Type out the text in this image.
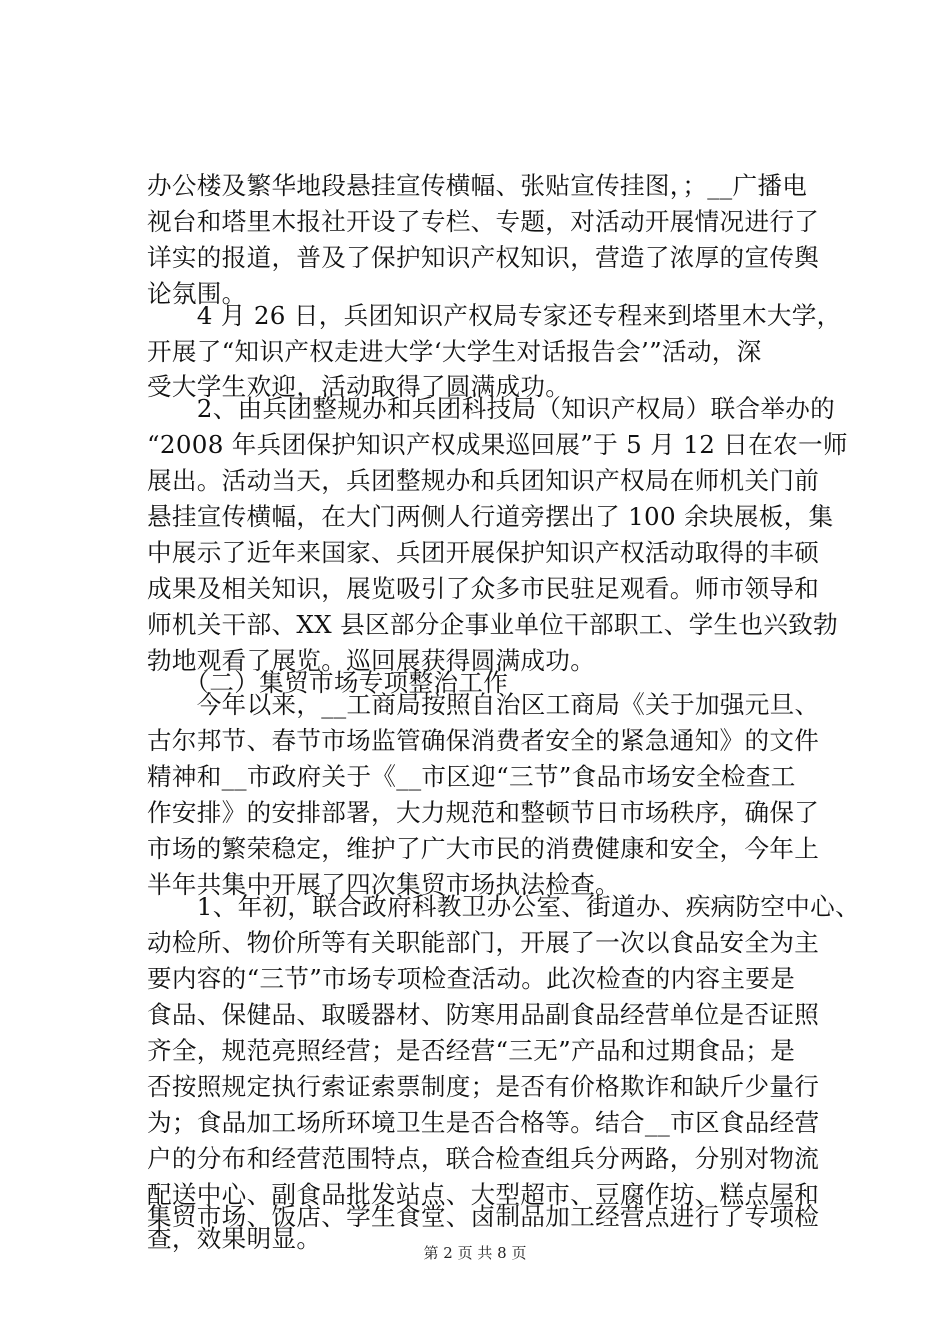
办公楼及繁华地段悬挂宣传横幅、张贴宣传挂图，；__广播电
视台和塔里木报社开设了专栏、专题，对活动开展情况进行了
详实的报道，普及了保护知识产权知识，营造了浓厚的宣传舆
论氛围。
　　4 月 26 日，兵团知识产权局专家还专程来到塔里木大学，
开展了“知识产权走进大学‘大学生对话报告会’”活动，深
受大学生欢迎，活动取得了圆满成功。
　　2、由兵团整规办和兵团科技局（知识产权局）联合举办的
“2008 年兵团保护知识产权成果巡回展”于 5 月 12 日在农一师
展出。活动当天，兵团整规办和兵团知识产权局在师机关门前
悬挂宣传横幅，在大门两侧人行道旁摆出了 100 余块展板，集
中展示了近年来国家、兵团开展保护知识产权活动取得的丰硕
成果及相关知识，展览吸引了众多市民驻足观看。师市领导和
师机关干部、XX 县区部分企事业单位干部职工、学生也兴致勃
勃地观看了展览。巡回展获得圆满成功。
　　（二）集贸市场专项整治工作
　　今年以来，__工商局按照自治区工商局《关于加强元旦、
古尔邦节、春节市场监管确保消费者安全的紧急通知》的文件
精神和__市政府关于《__市区迎“三节”食品市场安全检查工
作安排》的安排部署，大力规范和整顿节日市场秩序，确保了
市场的繁荣稳定，维护了广大市民的消费健康和安全，今年上
半年共集中开展了四次集贸市场执法检查。
　　1、年初，联合政府科教卫办公室、街道办、疾病防空中心、
动检所、物价所等有关职能部门，开展了一次以食品安全为主
要内容的“三节”市场专项检查活动。此次检查的内容主要是
食品、保健品、取暖器材、防寒用品副食品经营单位是否证照
齐全，规范亮照经营；是否经营“三无”产品和过期食品；是
否按照规定执行索证索票制度；是否有价格欺诈和缺斤少量行
为；食品加工场所环境卫生是否合格等。结合__市区食品经营
户的分布和经营范围特点，联合检查组兵分两路，分别对物流
配送中心、副食品批发站点、大型超市、豆腐作坊、糕点屋和
集贸市场、饭店、学生食堂、卤制品加工经营点进行了专项检
查，效果明显。	第 2 页 共 8 页
